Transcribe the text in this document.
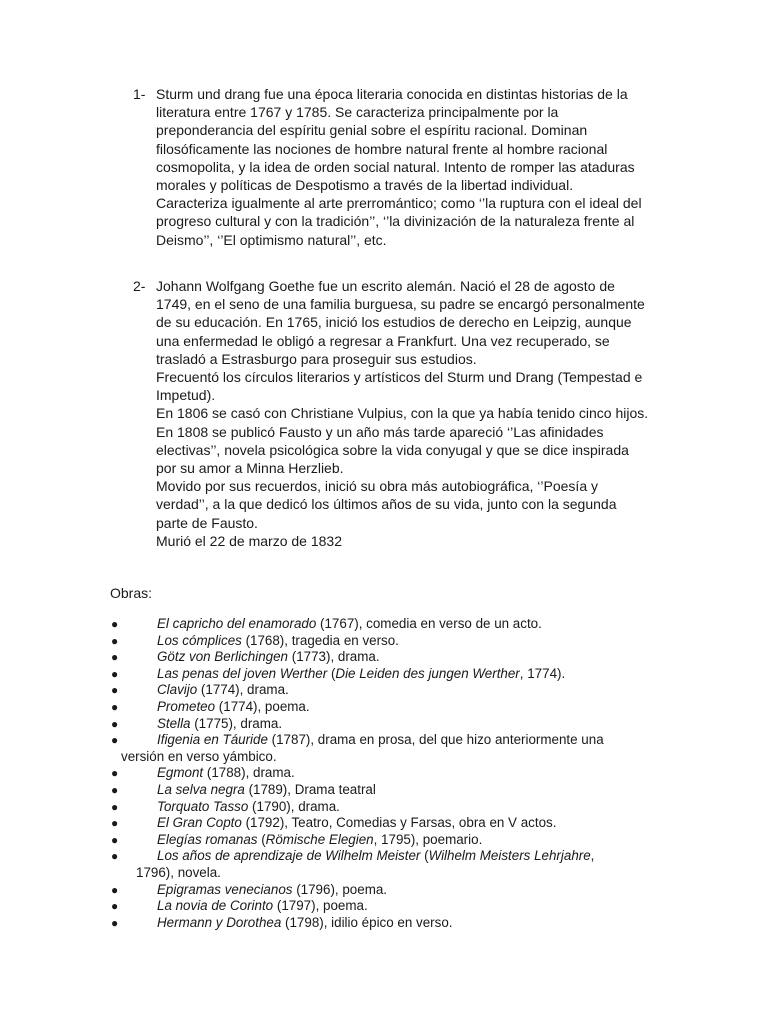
1- Sturm und drang fue una época literaria conocida en distintas historias de la

literatura entre 1767 y 1785. Se caracteriza principalmente por la

preponderancia del espíritu genial sobre el espíritu racional. Dominan

filosóficamente las nociones de hombre natural frente al hombre racional

cosmopolita, y la idea de orden social natural. Intento de romper las ataduras

morales y políticas de Despotismo a través de la libertad individual.

Caracteriza igualmente al arte prerromántico; como ‘’la ruptura con el ideal del

progreso cultural y con la tradición’’, ‘’la divinización de la naturaleza frente al

Deismo’’, ‘’El optimismo natural’’, etc.

2- Johann Wolfgang Goethe fue un escrito alemán. Nació el 28 de agosto de

1749, en el seno de una familia burguesa, su padre se encargó personalmente

de su educación. En 1765, inició los estudios de derecho en Leipzig, aunque

una enfermedad le obligó a regresar a Frankfurt. Una vez recuperado, se

trasladó a Estrasburgo para proseguir sus estudios.

Frecuentó los círculos literarios y artísticos del Sturm und Drang (Tempestad e

Impetud).

En 1806 se casó con Christiane Vulpius, con la que ya había tenido cinco hijos.

En 1808 se publicó Fausto y un año más tarde apareció ‘’Las afinidades

electivas’’, novela psicológica sobre la vida conyugal y que se dice inspirada

por su amor a Minna Herzlieb.

Movido por sus recuerdos, inició su obra más autobiográfica, ‘’Poesía y

verdad’’, a la que dedicó los últimos años de su vida, junto con la segunda

parte de Fausto.

Murió el 22 de marzo de 1832

Obras:

●	El capricho del enamorado (1767), comedia en verso de un acto.
●	Los cómplices (1768), tragedia en verso.
●	Götz von Berlichingen (1773), drama.
●	Las penas del joven Werther (Die Leiden des jungen Werther, 1774).
●	Clavijo (1774), drama.
●	Prometeo (1774), poema.
●	Stella (1775), drama.
●	Ifigenia en Táuride (1787), drama en prosa, del que hizo anteriormente una
versión en verso yámbico.
●	Egmont (1788), drama.
●	La selva negra (1789), Drama teatral
●	Torquato Tasso (1790), drama.
●	El Gran Copto (1792), Teatro, Comedias y Farsas, obra en V actos.
●	Elegías romanas (Römische Elegien, 1795), poemario.
●	Los años de aprendizaje de Wilhelm Meister (Wilhelm Meisters Lehrjahre,
1796), novela.
●	Epigramas venecianos (1796), poema.
●	La novia de Corinto (1797), poema.
●	Hermann y Dorothea (1798), idilio épico en verso.
